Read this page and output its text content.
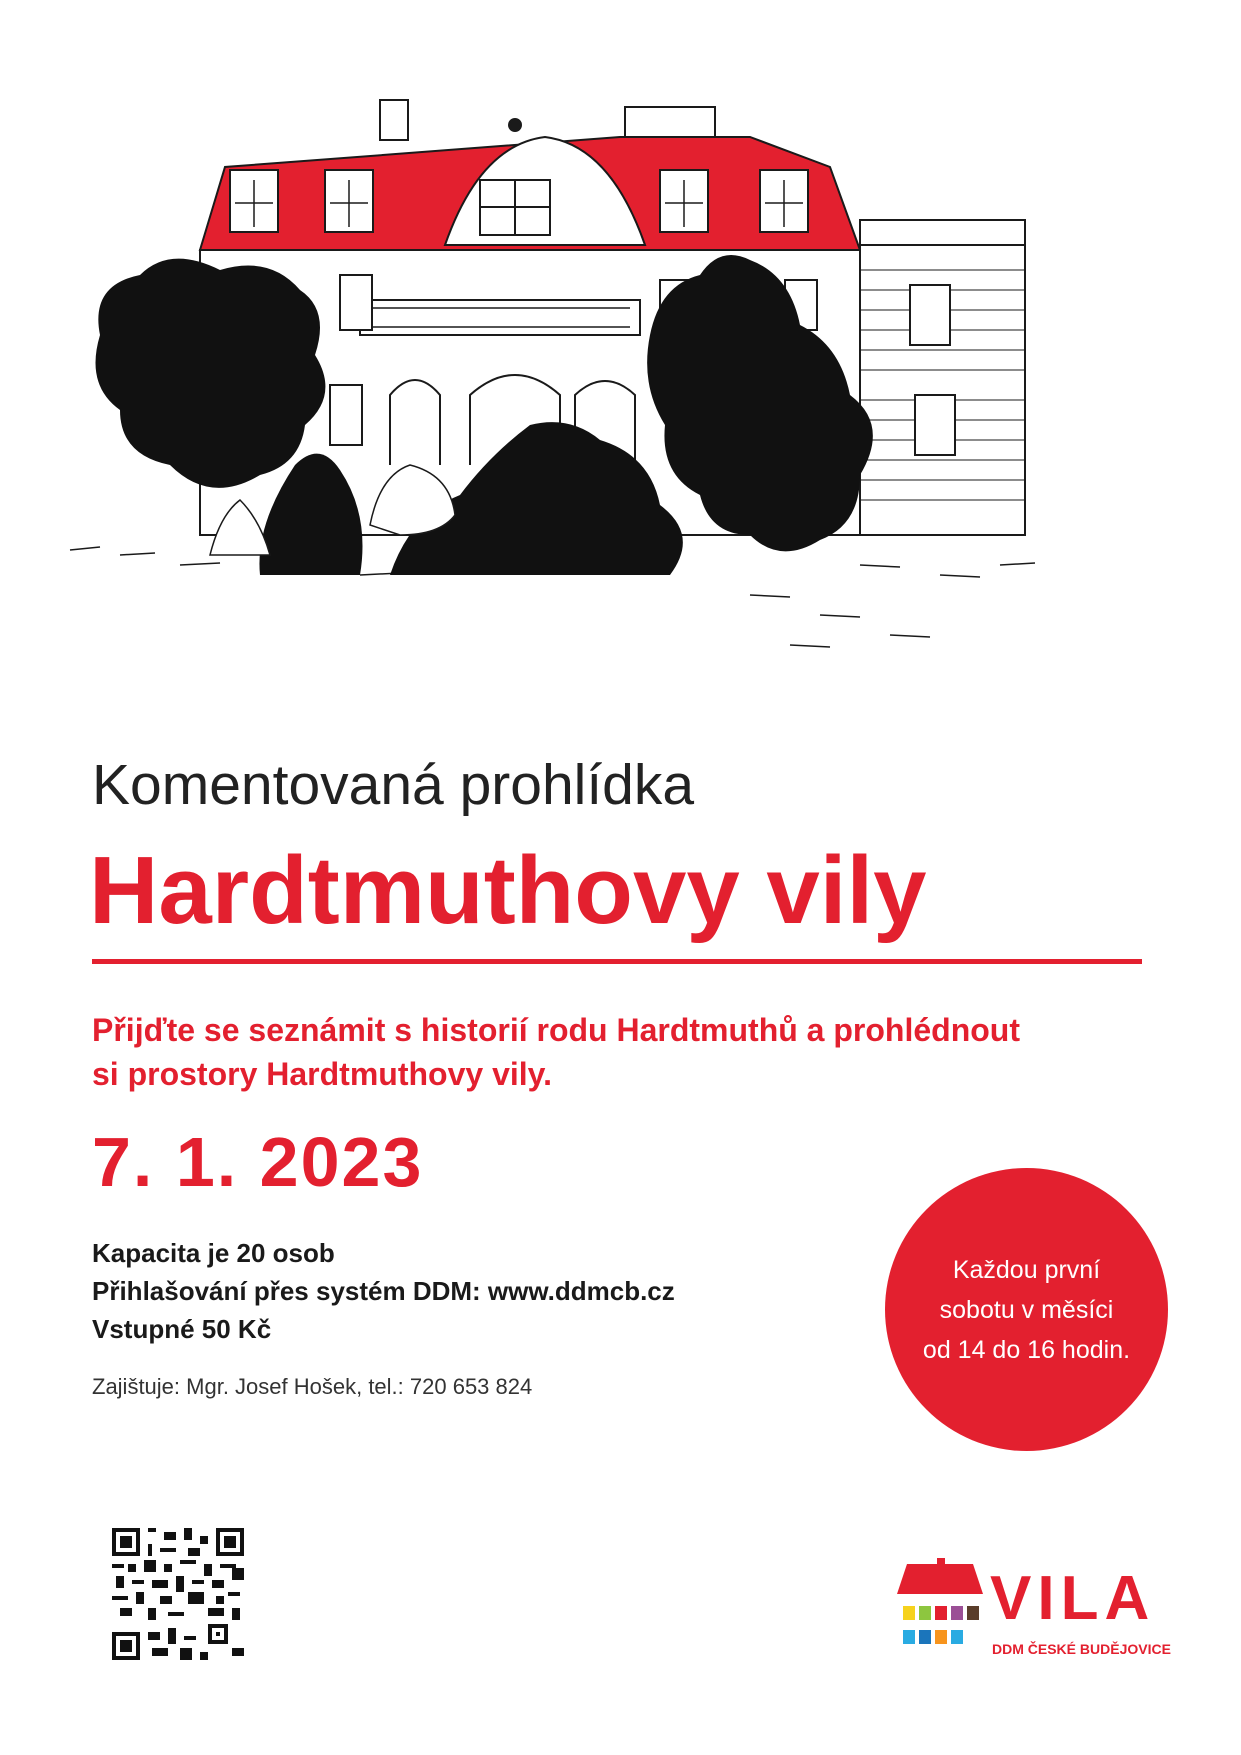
Komentovaná prohlídka
Hardtmuthovy vily

Přijďte se seznámit s historií rodu Hardtmuthů a prohlédnout
si prostory Hardtmuthovy vily.

7. 1. 2023

Kapacita je 20 osob
Přihlašování přes systém DDM: www.ddmcb.cz
Vstupné 50 Kč

Zajištuje: Mgr. Josef Hošek, tel.: 720 653 824

Každou první
sobotu v měsíci
od 14 do 16 hodin.

VILA

DDM ČESKÉ BUDĚJOVICE
